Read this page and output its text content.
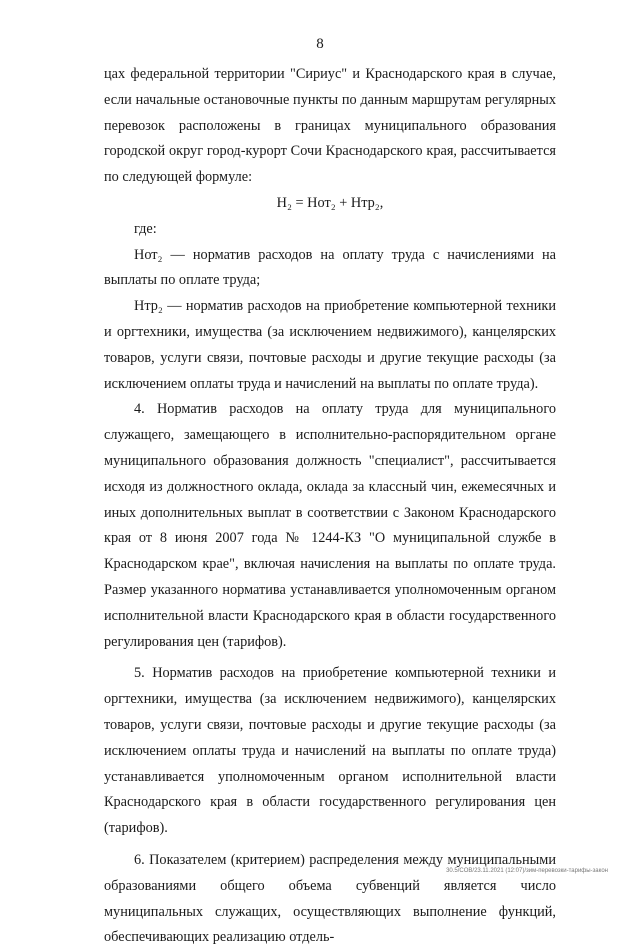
8

цах федеральной территории "Сириус" и Краснодарского края в случае, если начальные остановочные пункты по данным маршрутам регулярных перевозок расположены в границах муниципального образования городской округ город-курорт Сочи Краснодарского края, рассчитывается по следующей формуле:

Н₂ = Нот₂ + Нтр₂,

где:

Нот₂ — норматив расходов на оплату труда с начислениями на выплаты по оплате труда;

Нтр₂ — норматив расходов на приобретение компьютерной техники и оргтехники, имущества (за исключением недвижимого), канцелярских товаров, услуги связи, почтовые расходы и другие текущие расходы (за исключением оплаты труда и начислений на выплаты по оплате труда).

4. Норматив расходов на оплату труда для муниципального служащего, замещающего в исполнительно-распорядительном органе муниципального образования должность "специалист", рассчитывается исходя из должностного оклада, оклада за классный чин, ежемесячных и иных дополнительных выплат в соответствии с Законом Краснодарского края от 8 июня 2007 года № 1244-КЗ "О муниципальной службе в Краснодарском крае", включая начисления на выплаты по оплате труда. Размер указанного норматива устанавливается уполномоченным органом исполнительной власти Краснодарского края в области государственного регулирования цен (тарифов).

5. Норматив расходов на приобретение компьютерной техники и оргтехники, имущества (за исключением недвижимого), канцелярских товаров, услуги связи, почтовые расходы и другие текущие расходы (за исключением оплаты труда и начислений на выплаты по оплате труда) устанавливается уполномоченным органом исполнительной власти Краснодарского края в области государственного регулирования цен (тарифов).

6. Показателем (критерием) распределения между муниципальными образованиями общего объема субвенций является число муниципальных служащих, осуществляющих выполнение функций, обеспечивающих реализацию отдель-

30.5/COB/23.11.2021 (12:07)/зим-перевозки-тарифы-закон
